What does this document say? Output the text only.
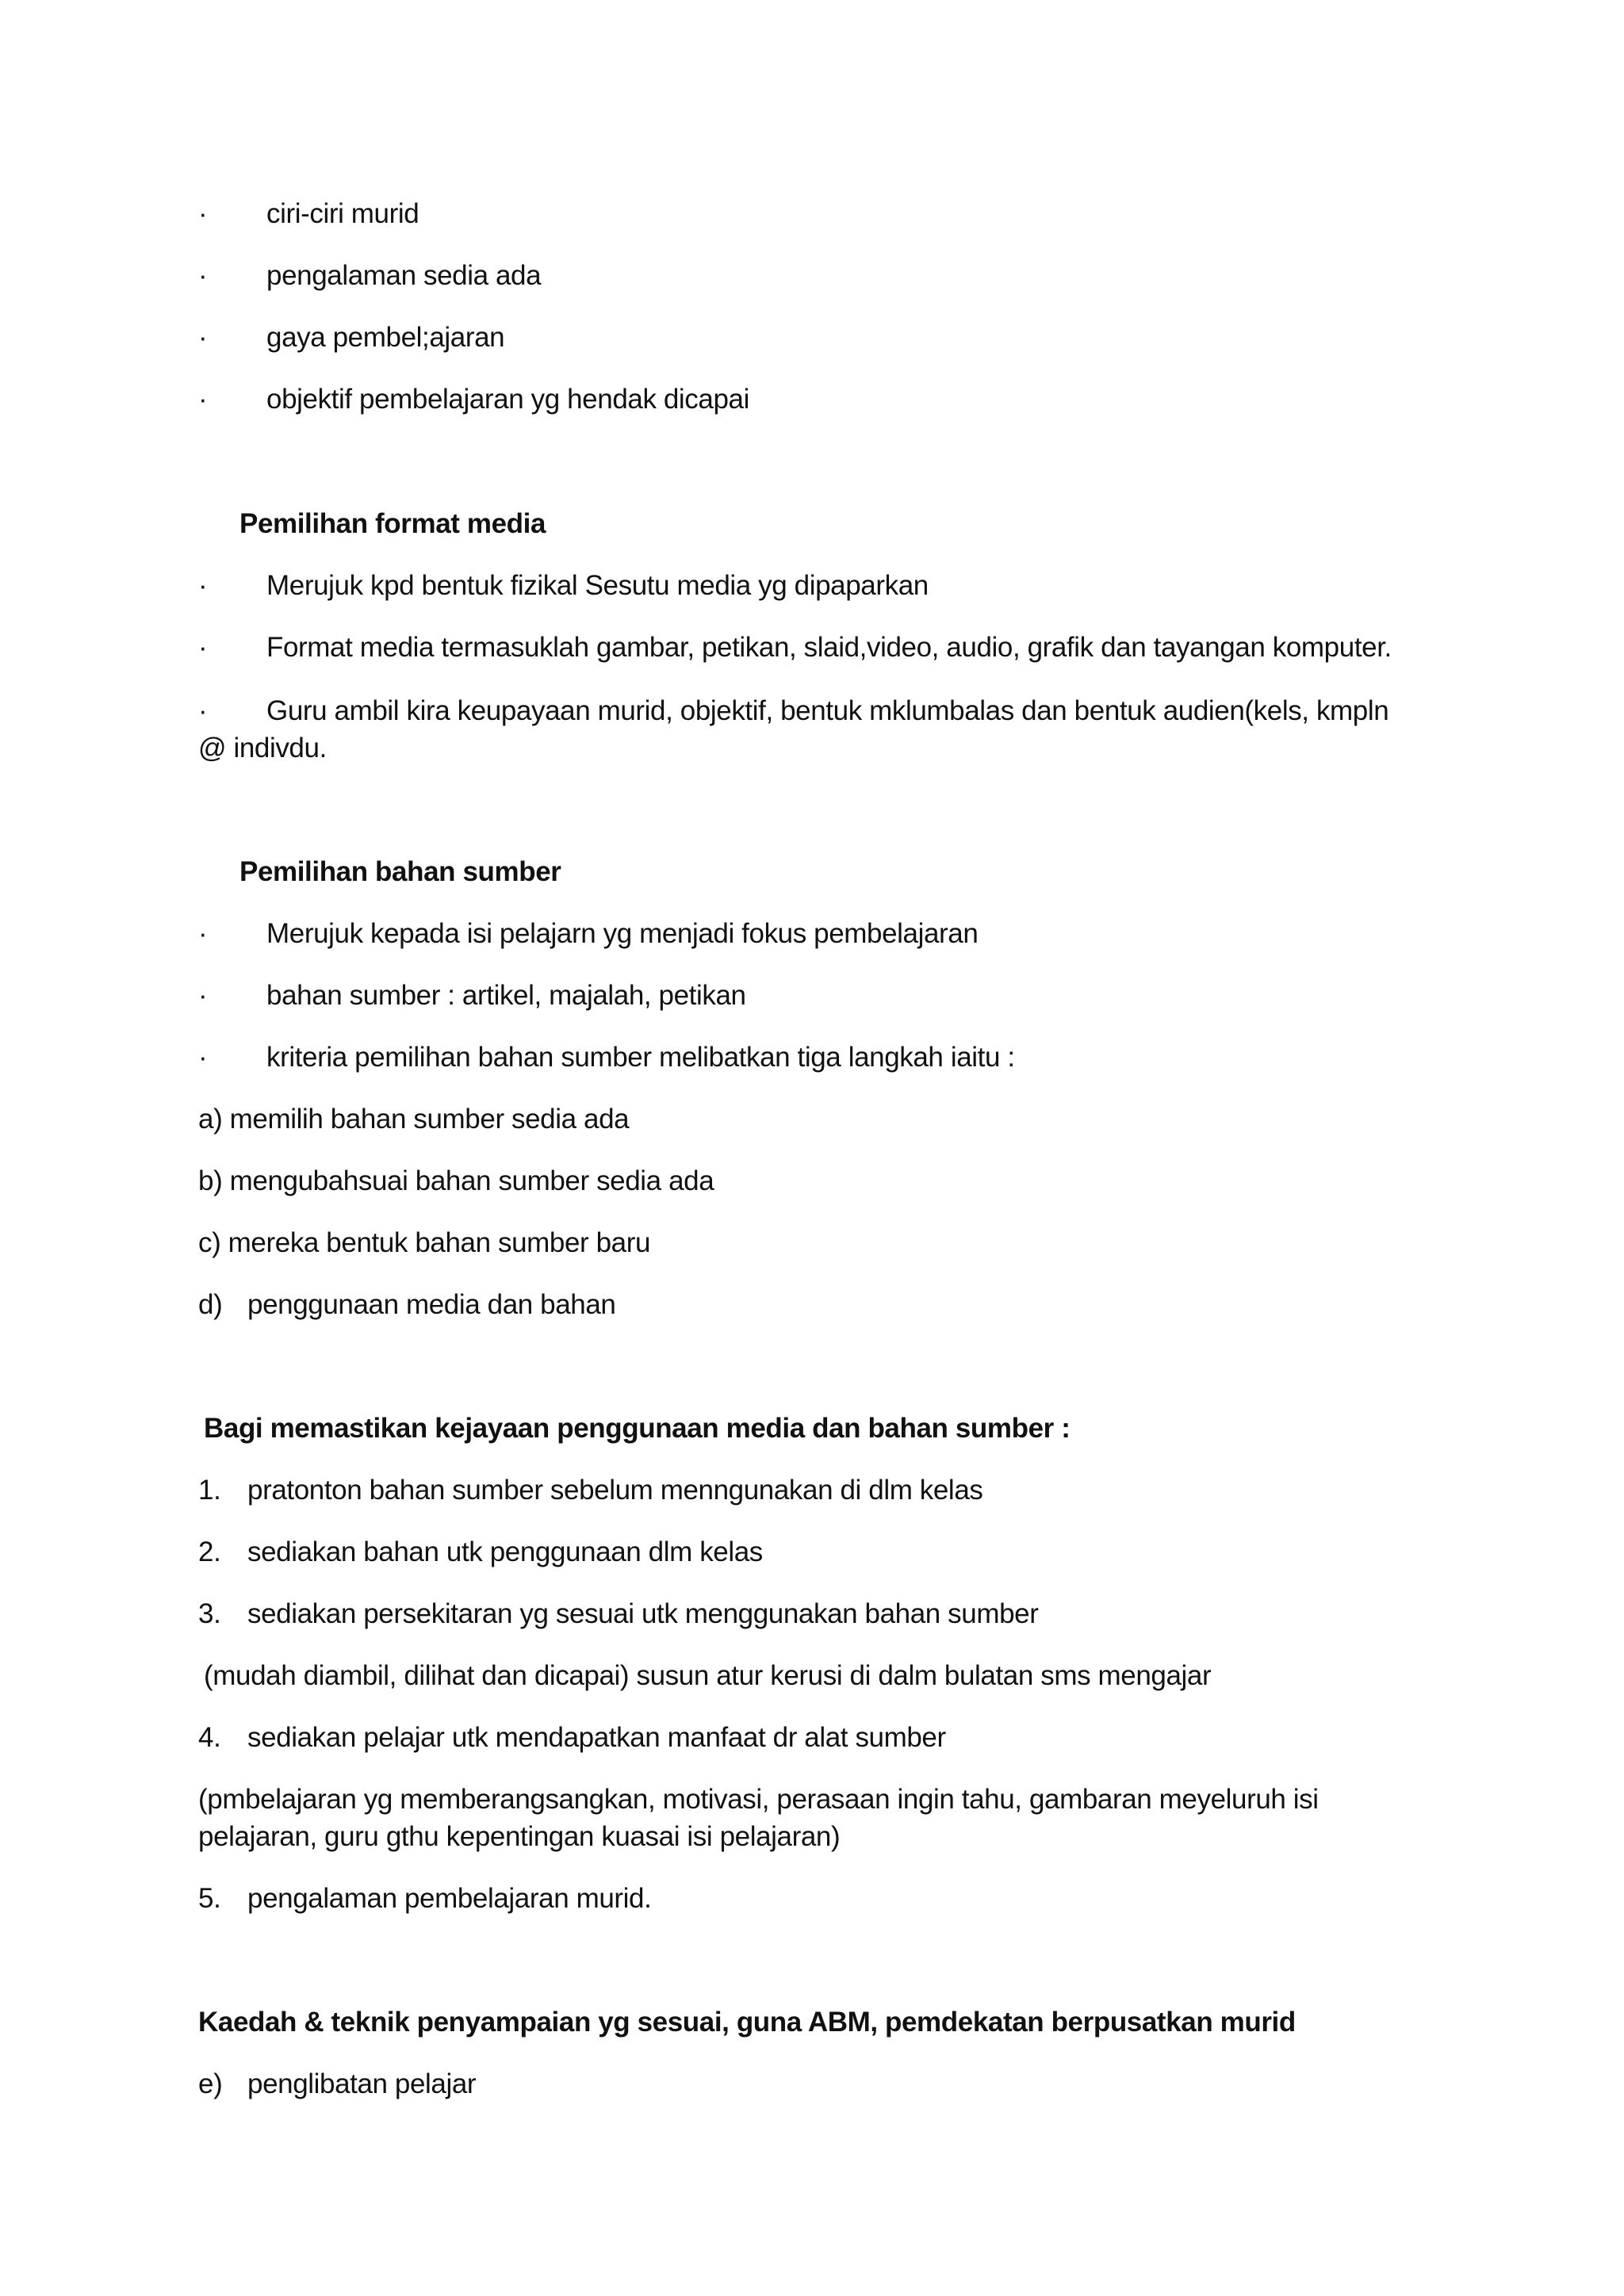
· ciri-ciri murid
· pengalaman sedia ada
· gaya pembel;ajaran
· objektif pembelajaran yg hendak dicapai
Pemilihan format media
· Merujuk kpd bentuk fizikal Sesutu media yg dipaparkan
· Format media termasuklah gambar, petikan, slaid,video, audio, grafik dan tayangan komputer.
· Guru ambil kira keupayaan murid, objektif, bentuk mklumbalas dan bentuk audien(kels, kmpln
@ indivdu.
Pemilihan bahan sumber
· Merujuk kepada isi pelajarn yg menjadi fokus pembelajaran
· bahan sumber : artikel, majalah, petikan
· kriteria pemilihan bahan sumber melibatkan tiga langkah iaitu :
a) memilih bahan sumber sedia ada
b) mengubahsuai bahan sumber sedia ada
c) mereka bentuk bahan sumber baru
d) penggunaan media dan bahan
Bagi memastikan kejayaan penggunaan media dan bahan sumber :
1. pratonton bahan sumber sebelum menngunakan di dlm kelas
2. sediakan bahan utk penggunaan dlm kelas
3. sediakan persekitaran yg sesuai utk menggunakan bahan sumber
(mudah diambil, dilihat dan dicapai) susun atur kerusi di dalm bulatan sms mengajar
4. sediakan pelajar utk mendapatkan manfaat dr alat sumber
(pmbelajaran yg memberangsangkan, motivasi, perasaan ingin tahu, gambaran meyeluruh isi
pelajaran, guru gthu kepentingan kuasai isi pelajaran)
5. pengalaman pembelajaran murid.
Kaedah & teknik penyampaian yg sesuai, guna ABM, pemdekatan berpusatkan murid
e) penglibatan pelajar
